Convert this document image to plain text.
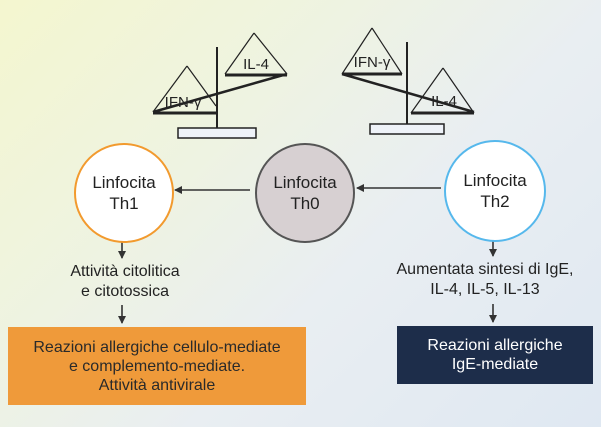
IL-4
IFN-γ
IFN-γ
IL-4
Linfocita
Th1
Linfocita
Th0
Linfocita
Th2
Attività citolitica
e citotossica
Aumentata sintesi di IgE,
IL-4, IL-5, IL-13
Reazioni allergiche cellulo-mediate
e complemento-mediate.
Attività antivirale
Reazioni allergiche
IgE-mediate
